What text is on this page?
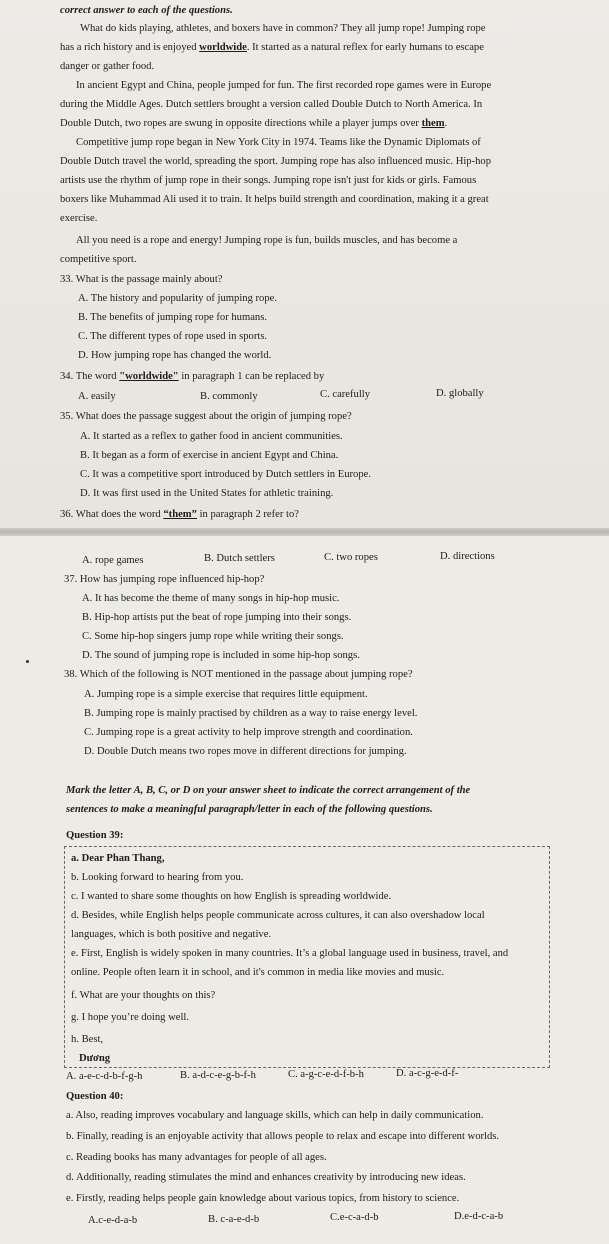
correct answer to each of the questions.
What do kids playing, athletes, and boxers have in common? They all jump rope! Jumping rope
has a rich history and is enjoyed worldwide. It started as a natural reflex for early humans to escape
danger or gather food.
In ancient Egypt and China, people jumped for fun. The first recorded rope games were in Europe
during the Middle Ages. Dutch settlers brought a version called Double Dutch to North America. In
Double Dutch, two ropes are swung in opposite directions while a player jumps over them.
Competitive jump rope began in New York City in 1974. Teams like the Dynamic Diplomats of
Double Dutch travel the world, spreading the sport. Jumping rope has also influenced music. Hip-hop
artists use the rhythm of jump rope in their songs. Jumping rope isn't just for kids or girls. Famous
boxers like Muhammad Ali used it to train. It helps build strength and coordination, making it a great
exercise.
All you need is a rope and energy! Jumping rope is fun, builds muscles, and has become a
competitive sport.
33. What is the passage mainly about?
A. The history and popularity of jumping rope.
B. The benefits of jumping rope for humans.
C. The different types of rope used in sports.
D. How jumping rope has changed the world.
34. The word "worldwide" in paragraph 1 can be replaced by
A. easily	B. commonly	C. carefully	D. globally
35. What does the passage suggest about the origin of jumping rope?
A. It started as a reflex to gather food in ancient communities.
B. It began as a form of exercise in ancient Egypt and China.
C. It was a competitive sport introduced by Dutch settlers in Europe.
D. It was first used in the United States for athletic training.
36. What does the word “them” in paragraph 2 refer to?
A. rope games	B. Dutch settlers	C. two ropes	D. directions
37. How has jumping rope influenced hip-hop?
A. It has become the theme of many songs in hip-hop music.
B. Hip-hop artists put the beat of rope jumping into their songs.
C. Some hip-hop singers jump rope while writing their songs.
D. The sound of jumping rope is included in some hip-hop songs.
38. Which of the following is NOT mentioned in the passage about jumping rope?
A. Jumping rope is a simple exercise that requires little equipment.
B. Jumping rope is mainly practised by children as a way to raise energy level.
C. Jumping rope is a great activity to help improve strength and coordination.
D. Double Dutch means two ropes move in different directions for jumping.
Mark the letter A, B, C, or D on your answer sheet to indicate the correct arrangement of the
sentences to make a meaningful paragraph/letter in each of the following questions.
Question 39:
a. Dear Phan Thang,
b. Looking forward to hearing from you.
c. I wanted to share some thoughts on how English is spreading worldwide.
d. Besides, while English helps people communicate across cultures, it can also overshadow local
languages, which is both positive and negative.
e. First, English is widely spoken in many countries. It’s a global language used in business, travel, and
online. People often learn it in school, and it's common in media like movies and music.
f. What are your thoughts on this?
g. I hope you’re doing well.
h. Best,
Dương
A. a-e-c-d-b-f-g-h	B. a-d-c-e-g-b-f-h	C. a-g-c-e-d-f-b-h	D. a-c-g-e-d-f-
Question 40:
a. Also, reading improves vocabulary and language skills, which can help in daily communication.
b. Finally, reading is an enjoyable activity that allows people to relax and escape into different worlds.
c. Reading books has many advantages for people of all ages.
d. Additionally, reading stimulates the mind and enhances creativity by introducing new ideas.
e. Firstly, reading helps people gain knowledge about various topics, from history to science.
A.c-e-d-a-b	B. c-a-e-d-b	C.e-c-a-d-b	D.e-d-c-a-b
